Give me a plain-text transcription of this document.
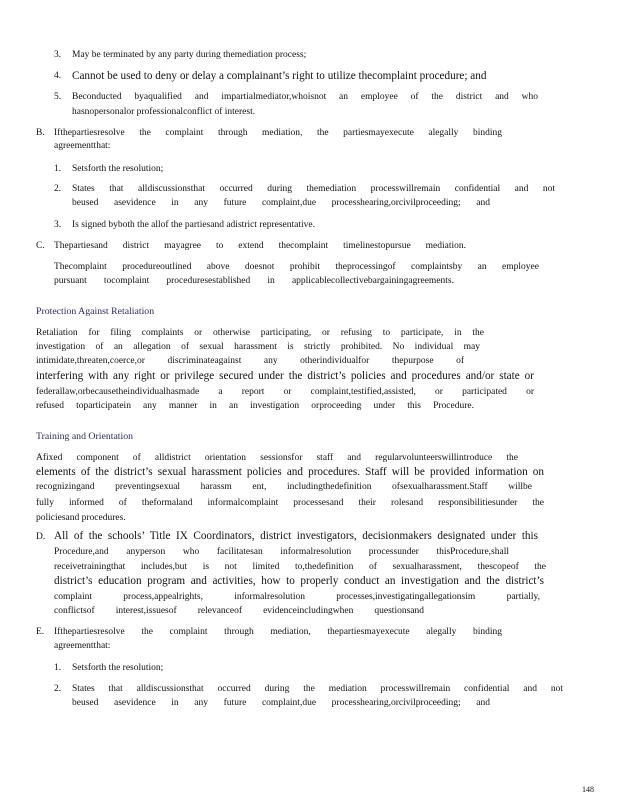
3. May be terminated by any party during themediation process;
4. Cannot be used to deny or delay a complainant’s right to utilize thecomplaint procedure; and
5. Beconducted byaqualified and impartialmediator,whoisnot an employee of the district and who
hasnopersonalor professionalconflict of interest.
B. Ifthepartiesresolve the complaint through mediation, the partiesmayexecute alegally binding
agreementthat:
1. Setsforth the resolution;
2. States that alldiscussionsthat occurred during themediation processwillremain confidential and not
beused asevidence in any future complaint,due processhearing,orcivilproceeding; and
3. Is signed byboth the allof the partiesand adistrict representative.
C. Thepartiesand district mayagree to extend thecomplaint timelinestopursue mediation.
Thecomplaint procedureoutlined above doesnot prohibit theprocessingof complaintsby an employee
pursuant tocomplaint proceduresestablished in applicablecollectivebargainingagreements.
Protection Against Retaliation
Retaliation for filing complaints or otherwise participating, or refusing to participate, in the
investigation of an allegation of sexual harassment is strictly prohibited. No individual may
intimidate,threaten,coerce,or discriminateagainst any otherindividualfor thepurpose of
interfering with any right or privilege secured under the district’s policies and procedures and/or state or
federallaw,orbecausetheindividualhasmade a report or complaint,testified,assisted, or participated or
refused toparticipatein any manner in an investigation orproceeding under this Procedure.
Training and Orientation
Afixed component of alldistrict orientation sessionsfor staff and regularvolunteerswillintroduce the
elements of the district’s sexual harassment policies and procedures. Staff will be provided information on
recognizingand preventingsexual harassm ent, includingthedefinition ofsexualharassment.Staff willbe
fully informed of theformaland informalcomplaint processesand their rolesand responsibilitiesunder the
policiesand procedures.
D. All of the schools’ Title IX Coordinators, district investigators, decisionmakers designated under this
Procedure,and anyperson who facilitatesan informalresolution processunder thisProcedure,shall
receivetrainingthat includes,but is not limited to,thedefinition of sexualharassment, thescopeof the
district’s education program and activities, how to properly conduct an investigation and the district’s
complaint process,appealrights, informalresolution processes,investigatingallegationsim partially,
conflictsof interest,issuesof relevanceof evidenceincludingwhen questionsand
E. Ifthepartiesresolve the complaint through mediation, thepartiesmayexecute alegally binding
agreementthat:
1. Setsforth the resolution;
2. States that alldiscussionsthat occurred during the mediation processwillremain confidential and not
beused asevidence in any future complaint,due processhearing,orcivilproceeding; and
148
